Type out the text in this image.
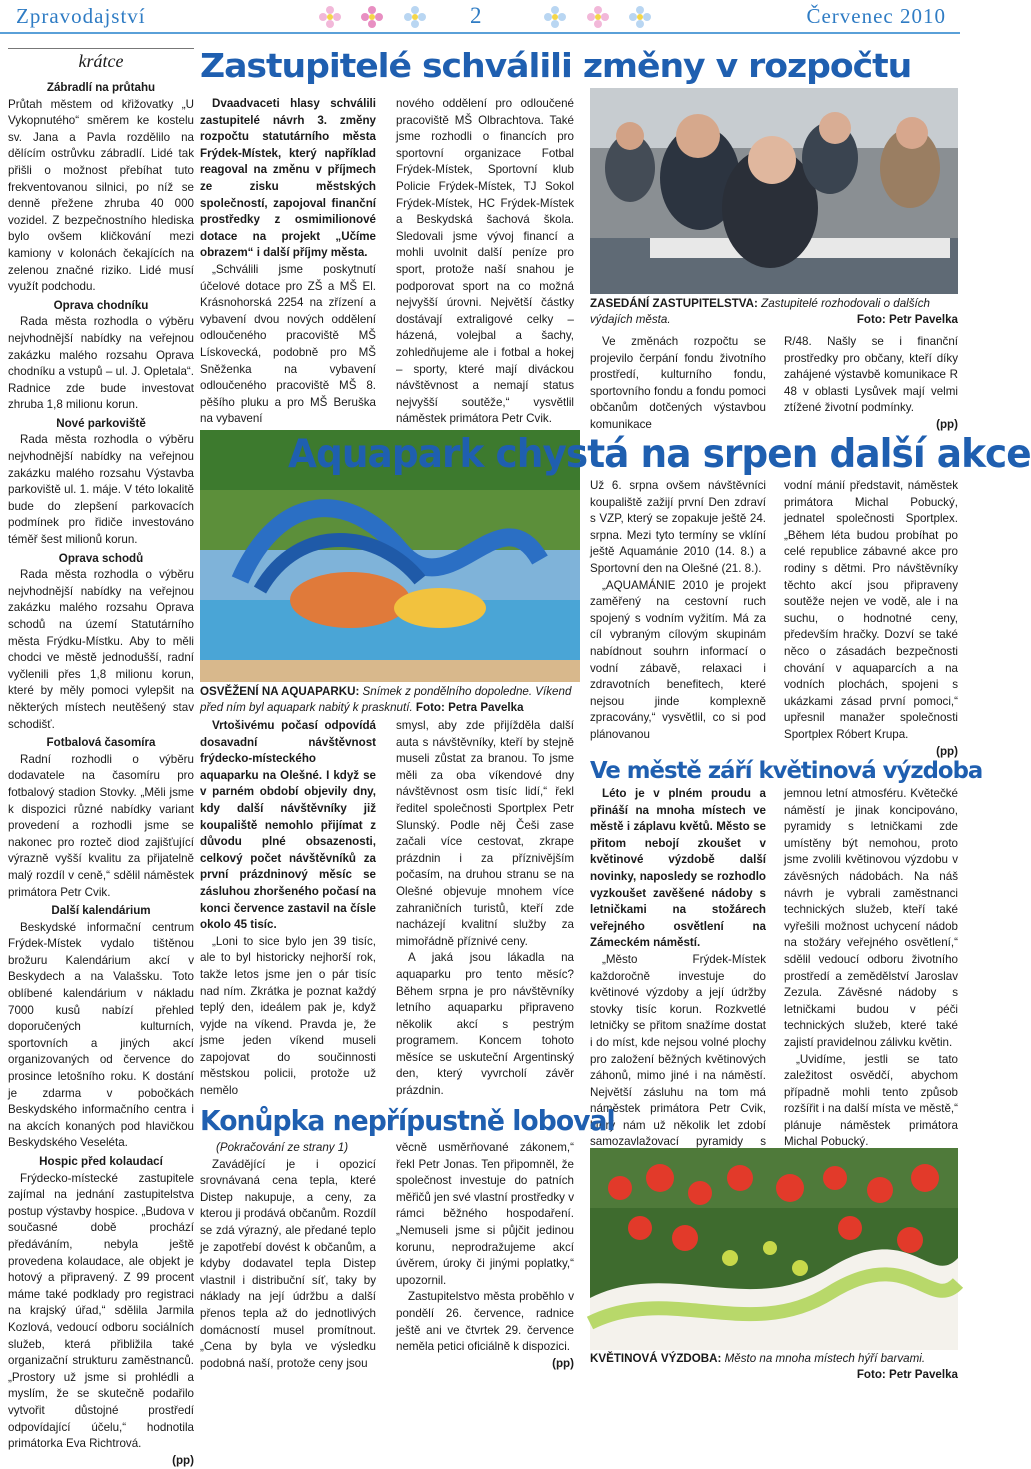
Zpravodajství	2	Červenec 2010
krátce

Zábradlí na průtahu

Průtah městem od křižovatky „U Vykopnutého“ směrem ke kostelu sv. Jana a Pavla rozdělilo na dělícím ostrůvku zábradlí. Lidé tak přišli o možnost přebíhat tuto frekventovanou silnici, po níž se denně přežene zhruba 40 000 vozidel. Z bezpečnostního hlediska bylo ovšem kličkování mezi kamiony v kolonách čekajících na zelenou značné riziko. Lidé musí využít podchodu.

Oprava chodníku

Rada města rozhodla o výběru nejvhodnější nabídky na veřejnou zakázku malého rozsahu Oprava chodníku a vstupů – ul. J. Opletala“. Radnice zde bude investovat zhruba 1,8 milionu korun.

Nové parkoviště

Rada města rozhodla o výběru nejvhodnější nabídky na veřejnou zakázku malého rozsahu Výstavba parkoviště ul. 1. máje. V této lokalitě bude do zlepšení parkovacích podmínek pro řidiče investováno téměř šest milionů korun.

Oprava schodů

Rada města rozhodla o výběru nejvhodnější nabídky na veřejnou zakázku malého rozsahu Oprava schodů na území Statutárního města Frýdku-Místku. Aby to měli chodci ve městě jednodušší, radní vyčlenili přes 1,8 milionu korun, které by měly pomoci vylepšit na některých místech neutěšený stav schodišť.

Fotbalová časomíra

Radní rozhodli o výběru dodavatele na časomíru pro fotbalový stadion Stovky. „Měli jsme k dispozici různé nabídky variant provedení a rozhodli jsme se nakonec pro rozteč diod zajišťující výrazně vyšší kvalitu za přijatelně malý rozdíl v ceně,“ sdělil náměstek primátora Petr Cvik.

Další kalendárium

Beskydské informační centrum Frýdek-Místek vydalo tištěnou brožuru Kalendárium akcí v Beskydech a na Valašsku. Toto oblíbené kalendárium v nákladu 7000 kusů nabízí přehled doporučených kulturních, sportovních a jiných akcí organizovaných od července do prosince letošního roku. K dostání je zdarma v pobočkách Beskydského informačního centra i na akcích konaných pod hlavičkou Beskydského Veseléta.

Hospic před kolaudací

Frýdecko-místecké zastupitele zajímal na jednání zastupitelstva postup výstavby hospice. „Budova v současné době prochází předáváním, nebyla ještě provedena kolaudace, ale objekt je hotový a připravený. Z 99 procent máme také podklady pro registraci na krajský úřad,“ sdělila Jarmila Kozlová, vedoucí odboru sociálních služeb, která přibližila také organizační strukturu zaměstnanců. „Prostory už jsme si prohlédli a myslím, že se skutečně podařilo vytvořit důstojné prostředí odpovídající účelu,“ hodnotila primátorka Eva Richtrová.

(pp)

Zastupitelé schválili změny v rozpočtu

Dvaadvaceti hlasy schválili zastupitelé návrh 3. změny rozpočtu statutárního města Frýdek-Místek, který například reagoval na změnu v příjmech ze zisku městských společností, zapojoval finanční prostředky z osmimilionové dotace na projekt „Učíme obrazem“ i další příjmy města.

„Schválili jsme poskytnutí účelové dotace pro ZŠ a MŠ El. Krásnohorská 2254 na zřízení a vybavení dvou nových oddělení odloučeného pracoviště MŠ Lískovecká, podobně pro MŠ Sněženka na vybavení odloučeného pracoviště MŠ 8. pěšího pluku a pro MŠ Beruška na vybavení

nového oddělení pro odloučené pracoviště MŠ Olbrachtova. Také jsme rozhodli o financích pro sportovní organizace Fotbal Frýdek-Místek, Sportovní klub Policie Frýdek-Místek, TJ Sokol Frýdek-Místek, HC Frýdek-Místek a Beskydská šachová škola. Sledovali jsme vývoj financí a mohli uvolnit další peníze pro sport, protože naší snahou je podporovat sport na co možná nejvyšší úrovni. Největší částky dostávají extraligové celky – házená, volejbal a šachy, zohledňujeme ale i fotbal a hokej – sporty, které mají diváckou návštěvnost a nemají status nejvyšší soutěže,“ vysvětlil náměstek primátora Petr Cvik.

ZASEDÁNÍ ZASTUPITELSTVA: Zastupitelé rozhodovali o dalších výdajích města.	Foto: Petr Pavelka

Ve změnách rozpočtu se projevilo čerpání fondu životního prostředí, kulturního fondu, sportovního fondu a fondu pomoci občanům dotčených výstavbou komunikace

R/48. Našly se i finanční prostředky pro občany, kteří díky zahájené výstavbě komunikace R 48 v oblasti Lysůvek mají velmi ztížené životní podmínky.

(pp)

Aquapark chystá na srpen další akce
OSVĚŽENÍ NA AQUAPARKU: Snímek z pondělního dopoledne. Víkend před ním byl aquapark nabitý k prasknutí. Foto: Petra Pavelka

Už 6. srpna ovšem návštěvníci koupaliště zažijí první Den zdraví s VZP, který se zopakuje ještě 24. srpna. Mezi tyto termíny se vklíní ještě Aquamánie 2010 (14. 8.) a Sportovní den na Olešné (21. 8.).

„AQUAMÁNIE 2010 je projekt zaměřený na cestovní ruch spojený s vodním vyžitím. Má za cíl vybraným cílovým skupinám nabídnout souhrn informací o vodní zábavě, relaxaci i zdravotních benefitech, které nejsou jinde komplexně zpracovány,“ vysvětlil, co si pod plánovanou

vodní mánií představit, náměstek primátora Michal Pobucký, jednatel společnosti Sportplex. „Během léta budou probíhat po celé republice zábavné akce pro rodiny s dětmi. Pro návštěvníky těchto akcí jsou připraveny soutěže nejen ve vodě, ale i na suchu, o hodnotné ceny, především hračky. Dozví se také něco o zásadách bezpečnosti chování v aquaparcích a na vodních plochách, spojeni s ukázkami zásad první pomoci,“ upřesnil manažer společnosti Sportplex Róbert Krupa.

(pp)

Vrtošivému počasí odpovídá dosavadní návštěvnost frýdecko-místeckého aquaparku na Olešné. I když se v parném období objevily dny, kdy další návštěvníky již koupaliště nemohlo přijímat z důvodu plné obsazenosti, celkový počet návštěvníků za první prázdninový měsíc se zásluhou zhoršeného počasí na konci července zastavil na čísle okolo 45 tisíc.

„Loni to sice bylo jen 39 tisíc, ale to byl historicky nejhorší rok, takže letos jsme jen o pár tisíc nad ním. Zkrátka je poznat každý teplý den, ideálem pak je, když vyjde na víkend. Pravda je, že jsme jeden víkend museli zapojovat do součinnosti městskou policii, protože už nemělo

smysl, aby zde přijížděla další auta s návštěvníky, kteří by stejně museli zůstat za branou. To jsme měli za oba víkendové dny návštěvnost osm tisíc lidí,“ řekl ředitel společnosti Sportplex Petr Slunský. Podle něj Češi zase začali více cestovat, zkrape prázdnin i za příznivějším počasím, na druhou stranu se na Olešné objevuje mnohem více zahraničních turistů, kteří zde nacházejí kvalitní služby za mimořádně příznivé ceny.

A jaká jsou lákadla na aquaparku pro tento měsíc? Během srpna je pro návštěvníky letního aquaparku připraveno několik akcí s pestrým programem. Koncem tohoto měsíce se uskuteční Argentinský den, který vyvrcholí závěr prázdnin.

Ve městě září květinová výzdoba

Léto je v plném proudu a přináší na mnoha místech ve městě i záplavu květů. Město se přitom nebojí zkoušet v květinové výzdobě další novinky, naposledy se rozhodlo vyzkoušet zavěšené nádoby s letničkami na stožárech veřejného osvětlení na Zámeckém náměstí.

„Město Frýdek-Místek každoročně investuje do květinové výzdoby a její údržby stovky tisíc korun. Rozkvetlé letničky se přitom snažíme dostat i do míst, kde nejsou volné plochy pro založení běžných květinových záhonů, mimo jiné i na náměstí. Největší zásluhu na tom má náměstek primátora Petr Cvik, který nám už několik let zdobí samozavlažovací pyramidy s

jemnou letní atmosféru. Květečké náměstí je jinak koncipováno, pyramidy s letničkami zde umístěny být nemohou, proto jsme zvolili květinovou výzdobu v závěsných nádobách. Na náš návrh je vybrali zaměstnanci technických služeb, kteří také vyřešili možnost uchycení nádob na stožáry veřejného osvětlení,“ sdělil vedoucí odboru životního prostředí a zemědělství Jaroslav Zezula. Závěsné nádoby s letničkami budou v péči technických služeb, které také zajistí pravidelnou zálivku květin.

„Uvidíme, jestli se tato zaležitost osvědčí, abychom případně mohli tento způsob rozšířit i na další místa ve městě,“ plánuje náměstek primátora Michal Pobucký.

KVĚTINOVÁ VÝZDOBA: Město na mnoha místech hýří barvami.
Foto: Petr Pavelka
Konůpka nepřípustně loboval

(Pokračování ze strany 1)

Zavádějící je i opozicí srovnávaná cena tepla, které Distep nakupuje, a ceny, za kterou ji prodává občanům. Rozdíl se zdá výrazný, ale předané teplo je zapotřebí dovést k občanům, a kdyby dodavatel tepla Distep vlastnil i distribuční síť, taky by náklady na její údržbu a další přenos tepla až do jednotlivých domácností musel promítnout. „Cena by byla ve výsledku podobná naší, protože ceny jsou

věcně usměrňované zákonem,“ řekl Petr Jonas. Ten připomněl, že společnost investuje do patních měřičů jen své vlastní prostředky v rámci běžného hospodaření. „Nemuseli jsme si půjčit jedinou korunu, neprodražujeme akcí úvěrem, úroky či jinými poplatky,“ upozornil.

Zastupitelstvo města proběhlo v pondělí 26. července, radnice ještě ani ve čtvrtek 29. července neměla petici oficiálně k dispozici.

(pp)
